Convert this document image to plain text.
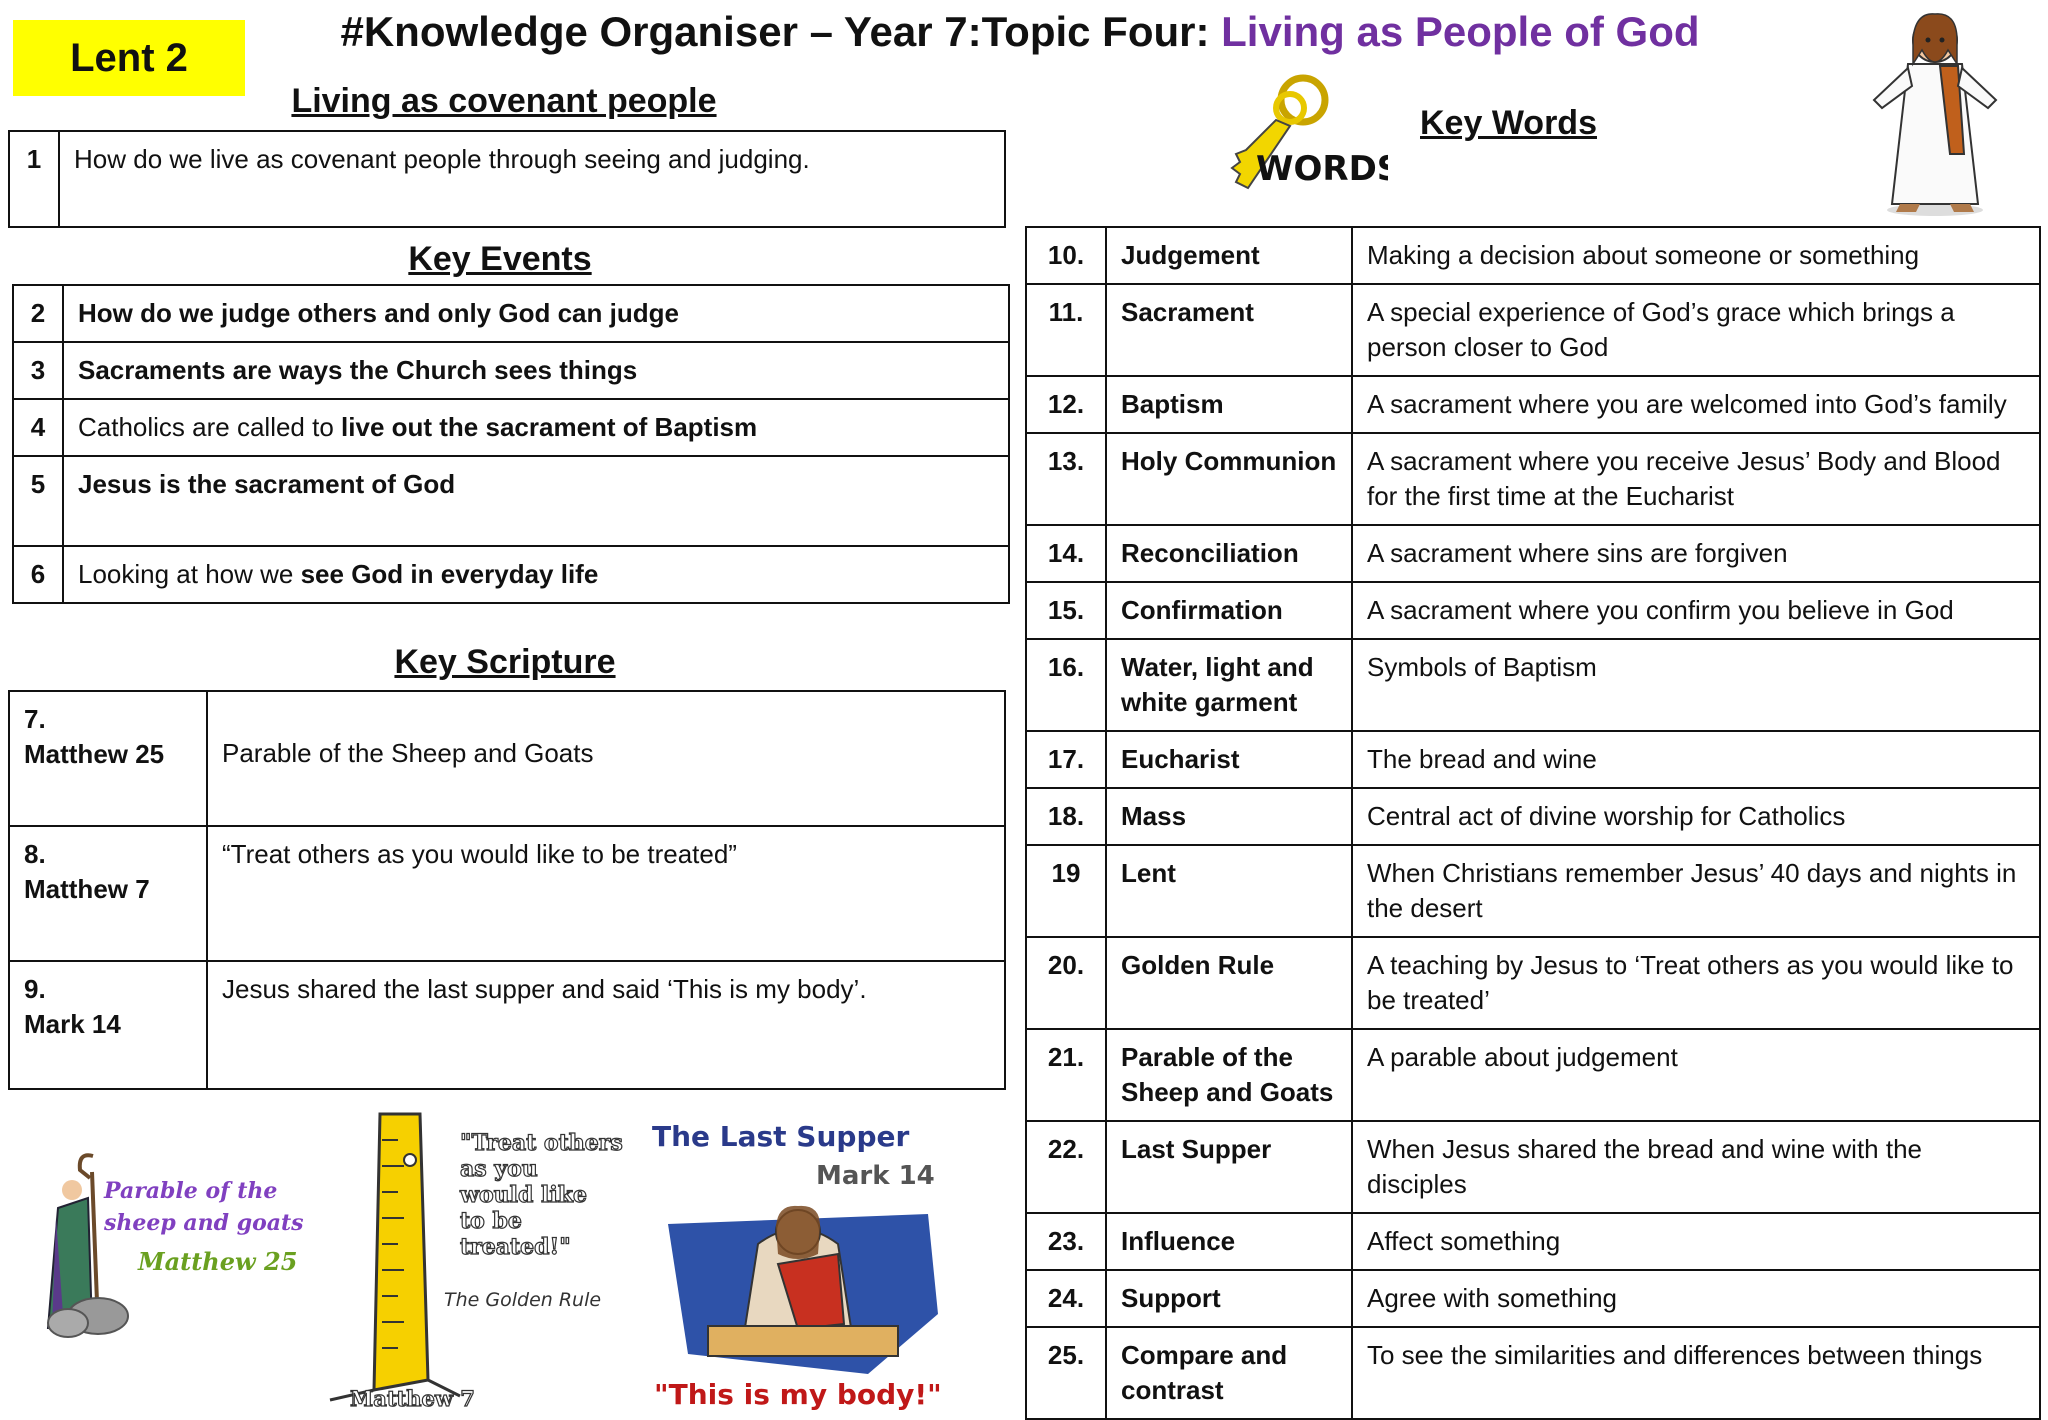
Lent 2
#Knowledge Organiser – Year 7:Topic Four: Living as People of God
Living as covenant people
1	How do we live as covenant people through seeing and judging.
Key Events
2	How do we judge others and only God can judge
3	Sacraments are ways the Church sees things
4	Catholics are called to live out the sacrament of Baptism
5	Jesus is the sacrament of God
6	Looking at how we see God in everyday life
Key Scripture
7.
Matthew 25	Parable of the Sheep and Goats

8.
Matthew 7	“Treat others as you would like to be treated”

9.
Mark 14	Jesus shared the last supper and said ‘This is my body’.
WORDS
Key Words
10.	Judgement	Making a decision about someone or something
11.	Sacrament	A special experience of God’s grace which brings a person closer to God
12.	Baptism	A sacrament where you are welcomed into God’s family
13.	Holy Communion	A sacrament where you receive Jesus’ Body and Blood for the first time at the Eucharist
14.	Reconciliation	A sacrament where sins are forgiven
15.	Confirmation	A sacrament where you confirm you believe in God
16.	Water, light and white garment	Symbols of Baptism
17.	Eucharist	The bread and wine
18.	Mass	Central act of divine worship for Catholics
19	Lent	When Christians remember Jesus’ 40 days and nights in the desert
20.	Golden Rule	A teaching by Jesus to ‘Treat others as you would like to be treated’
21.	Parable of the Sheep and Goats	A parable about judgement
22.	Last Supper	When Jesus shared the bread and wine with the disciples
23.	Influence	Affect something
24.	Support	Agree with something
25.	Compare and contrast	To see the similarities and differences between things
Parable of the sheep and goats
Matthew 25
"Treat others as you would like to be treated!"
The Golden Rule
Matthew 7
The Last Supper
Mark 14
"This is my body!"
